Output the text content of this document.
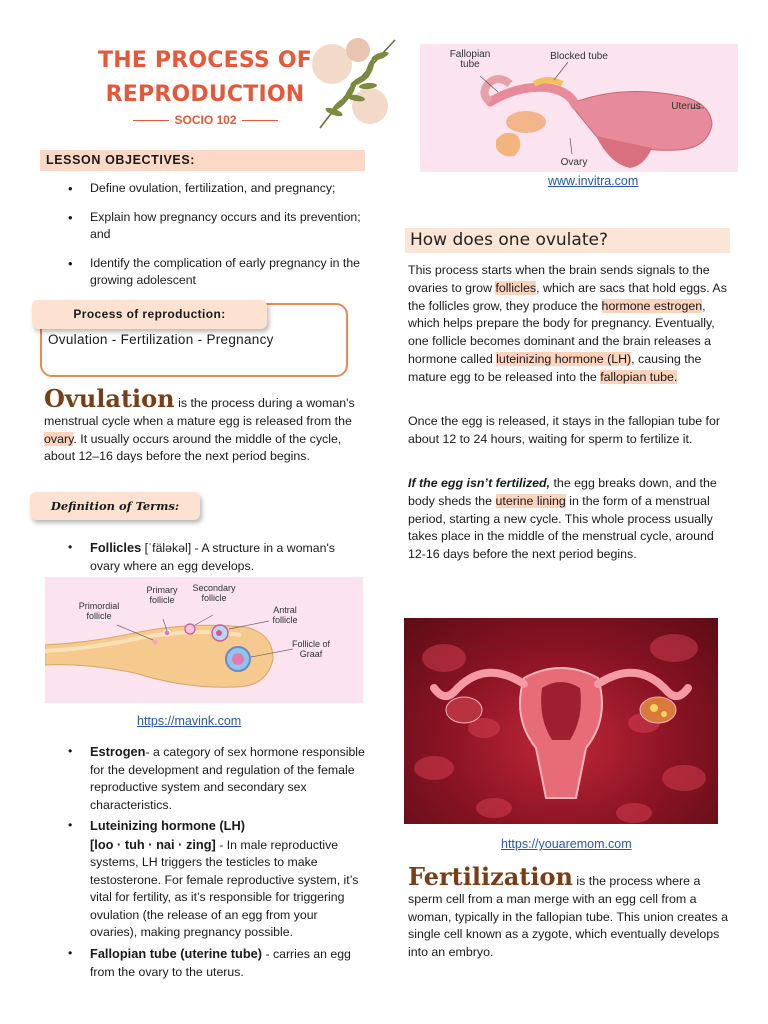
THE PROCESS OF
REPRODUCTION
SOCIO 102
LESSON OBJECTIVES:
• Define ovulation, fertilization, and pregnancy;
• Explain how pregnancy occurs and its prevention; and
• Identify the complication of early pregnancy in the growing adolescent
Process of reproduction:
Ovulation - Fertilization - Pregnancy
Ovulation is the process during a woman's menstrual cycle when a mature egg is released from the ovary. It usually occurs around the middle of the cycle, about 12–16 days before the next period begins.
Definition of Terms:
• Follicles [ˈfäləkəl] - A structure in a woman's ovary where an egg develops.
Primordial follicle
Primary follicle
Secondary follicle
Antral follicle
Follicle of Graaf
https://mavink.com
• Estrogen- a category of sex hormone responsible for the development and regulation of the female reproductive system and secondary sex characteristics.
• Luteinizing hormone (LH)
[loo · tuh · nai · zing] - In male reproductive systems, LH triggers the testicles to make testosterone. For female reproductive system, it’s vital for fertility, as it’s responsible for triggering ovulation (the release of an egg from your ovaries), making pregnancy possible.
• Fallopian tube (uterine tube) - carries an egg from the ovary to the uterus.
Fallopian tube
Blocked tube
Uterus
Ovary
www.invitra.com
How does one ovulate?
This process starts when the brain sends signals to the ovaries to grow follicles, which are sacs that hold eggs. As the follicles grow, they produce the hormone estrogen, which helps prepare the body for pregnancy. Eventually, one follicle becomes dominant and the brain releases a hormone called luteinizing hormone (LH), causing the mature egg to be released into the fallopian tube.
Once the egg is released, it stays in the fallopian tube for about 12 to 24 hours, waiting for sperm to fertilize it.
If the egg isn’t fertilized, the egg breaks down, and the body sheds the uterine lining in the form of a menstrual period, starting a new cycle. This whole process usually takes place in the middle of the menstrual cycle, around 12-16 days before the next period begins.
https://youaremom.com
Fertilization is the process where a sperm cell from a man merge with an egg cell from a woman, typically in the fallopian tube. This union creates a single cell known as a zygote, which eventually develops into an embryo.
